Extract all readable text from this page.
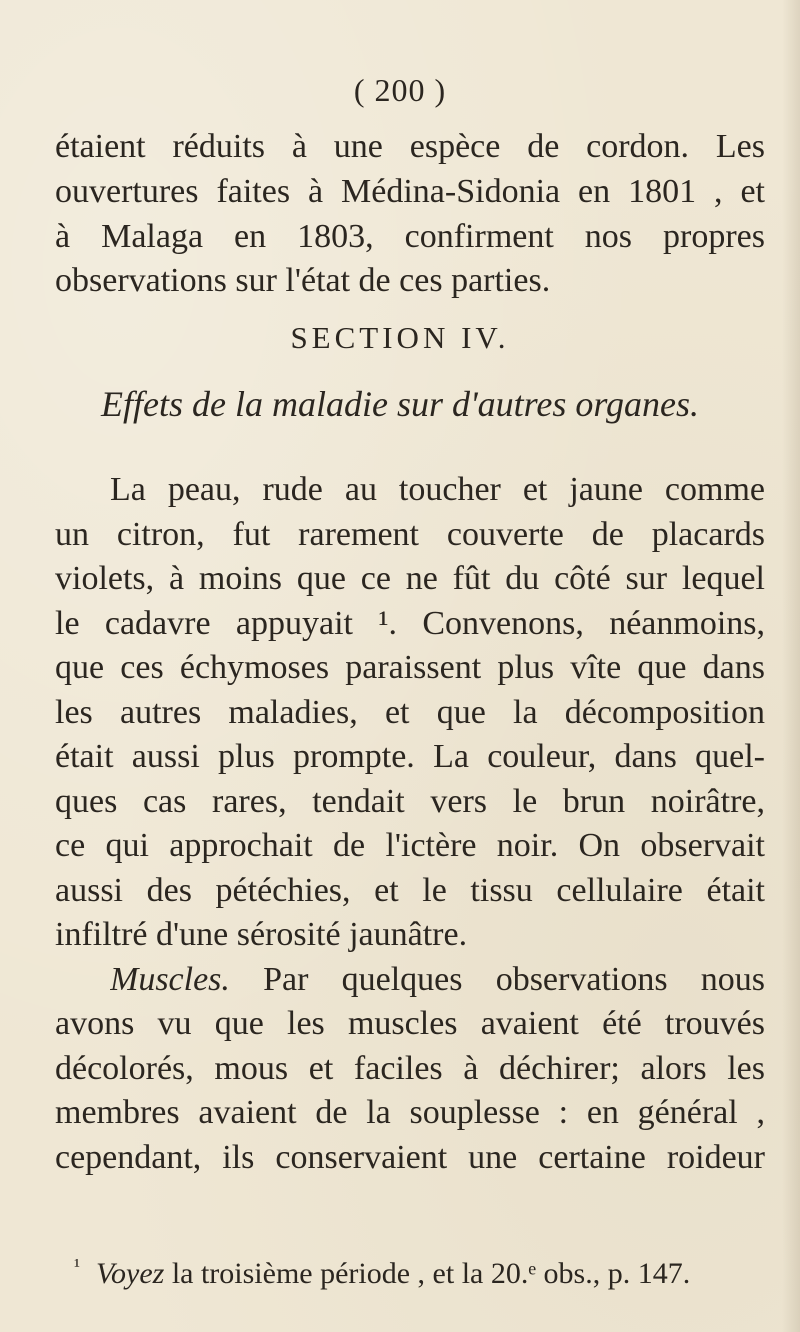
( 200 )
étaient réduits à une espèce de cordon. Les
ouvertures faites à Médina-Sidonia en 1801 , et
à Malaga en 1803, confirment nos propres
observations sur l'état de ces parties.
SECTION IV.
Effets de la maladie sur d'autres organes.
La peau, rude au toucher et jaune comme
un citron, fut rarement couverte de placards
violets, à moins que ce ne fût du côté sur lequel
le cadavre appuyait ¹. Convenons, néanmoins,
que ces échymoses paraissent plus vîte que dans
les autres maladies, et que la décomposition
était aussi plus prompte. La couleur, dans quel-
ques cas rares, tendait vers le brun noirâtre,
ce qui approchait de l'ictère noir. On observait
aussi des pétéchies, et le tissu cellulaire était
infiltré d'une sérosité jaunâtre.
Muscles. Par quelques observations nous
avons vu que les muscles avaient été trouvés
décolorés, mous et faciles à déchirer; alors les
membres avaient de la souplesse : en général ,
cependant, ils conservaient une certaine roideur
¹ Voyez la troisième période , et la 20.ᵉ obs., p. 147.
